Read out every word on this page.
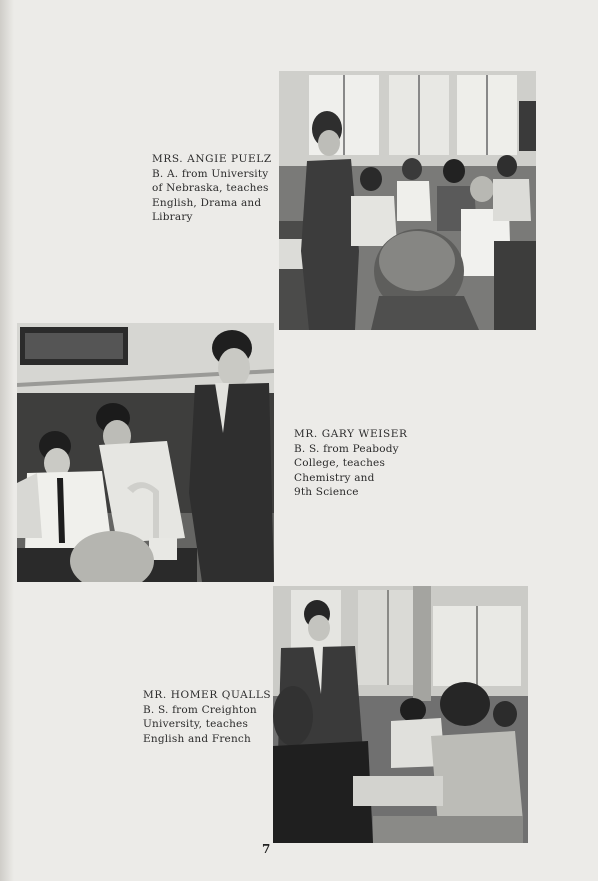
MRS. ANGIE PUELZ
B. A. from University
of Nebraska, teaches
English, Drama and
Library
MR. GARY WEISER
B. S. from Peabody
College, teaches
Chemistry and
9th Science
MR. HOMER QUALLS
B. S. from Creighton
University, teaches
English and French
7
